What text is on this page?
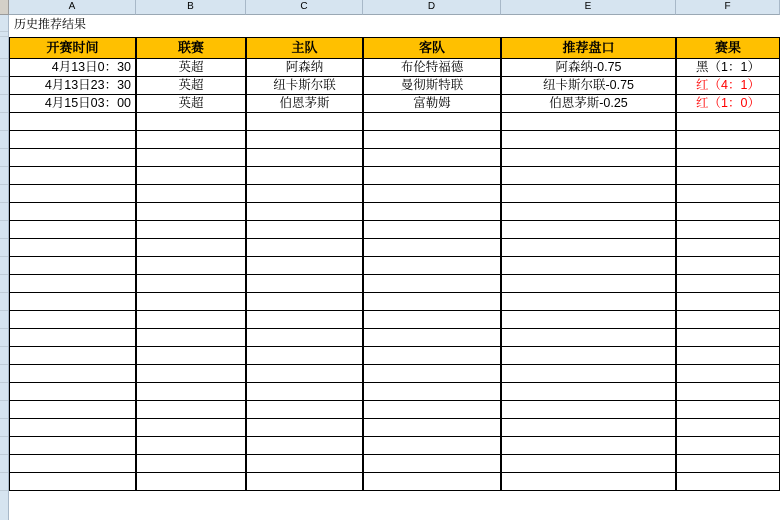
A	B	C	D	E	F
历史推荐结果
开赛时间	联赛	主队	客队	推荐盘口	赛果
4月13日0：30	英超	阿森纳	布伦特福德	阿森纳-0.75	黑（1：1）
4月13日23：30	英超	纽卡斯尔联	曼彻斯特联	纽卡斯尔联-0.75	红（4：1）
4月15日03：00	英超	伯恩茅斯	富勒姆	伯恩茅斯-0.25	红（1：0）
